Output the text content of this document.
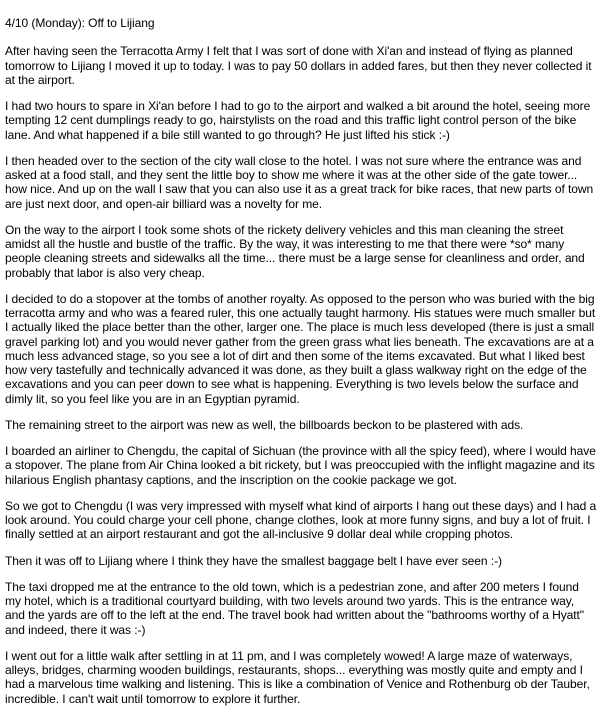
4/10 (Monday): Off to Lijiang

After having seen the Terracotta Army I felt that I was sort of done with Xi'an and instead of flying as planned tomorrow to Lijiang I moved it up to today. I was to pay 50 dollars in added fares, but then they never collected it at the airport.

I had two hours to spare in Xi'an before I had to go to the airport and walked a bit around the hotel, seeing more tempting 12 cent dumplings ready to go, hairstylists on the road and this traffic light control person of the bike lane. And what happened if a bile still wanted to go through? He just lifted his stick :-)

I then headed over to the section of the city wall close to the hotel. I was not sure where the entrance was and asked at a food stall, and they sent the little boy to show me where it was at the other side of the gate tower... how nice. And up on the wall I saw that you can also use it as a great track for bike races, that new parts of town are just next door, and open-air billiard was a novelty for me.

On the way to the airport I took some shots of the rickety delivery vehicles and this man cleaning the street amidst all the hustle and bustle of the traffic. By the way, it was interesting to me that there were *so* many people cleaning streets and sidewalks all the time... there must be a large sense for cleanliness and order, and probably that labor is also very cheap.

I decided to do a stopover at the tombs of another royalty. As opposed to the person who was buried with the big terracotta army and who was a feared ruler, this one actually taught harmony. His statues were much smaller but I actually liked the place better than the other, larger one. The place is much less developed (there is just a small gravel parking lot) and you would never gather from the green grass what lies beneath. The excavations are at a much less advanced stage, so you see a lot of dirt and then some of the items excavated. But what I liked best how very tastefully and technically advanced it was done, as they built a glass walkway right on the edge of the excavations and you can peer down to see what is happening. Everything is two levels below the surface and dimly lit, so you feel like you are in an Egyptian pyramid.

The remaining street to the airport was new as well, the billboards beckon to be plastered with ads.

I boarded an airliner to Chengdu, the capital of Sichuan (the province with all the spicy feed), where I would have a stopover. The plane from Air China looked a bit rickety, but I was preoccupied with the inflight magazine and its hilarious English phantasy captions, and the inscription on the cookie package we got.

So we got to Chengdu (I was very impressed with myself what kind of airports I hang out these days) and I had a look around. You could charge your cell phone, change clothes, look at more funny signs, and buy a lot of fruit. I finally settled at an airport restaurant and got the all-inclusive 9 dollar deal while cropping photos.

Then it was off to Lijiang where I think they have the smallest baggage belt I have ever seen :-)

The taxi dropped me at the entrance to the old town, which is a pedestrian zone, and after 200 meters I found my hotel, which is a traditional courtyard building, with two levels around two yards. This is the entrance way, and the yards are off to the left at the end. The travel book had written about the "bathrooms worthy of a Hyatt" and indeed, there it was :-)

I went out for a little walk after settling in at 11 pm, and I was completely wowed! A large maze of waterways, alleys, bridges, charming wooden buildings, restaurants, shops... everything was mostly quite and empty and I had a marvelous time walking and listening. This is like a combination of Venice and Rothenburg ob der Tauber, incredible. I can't wait until tomorrow to explore it further.
